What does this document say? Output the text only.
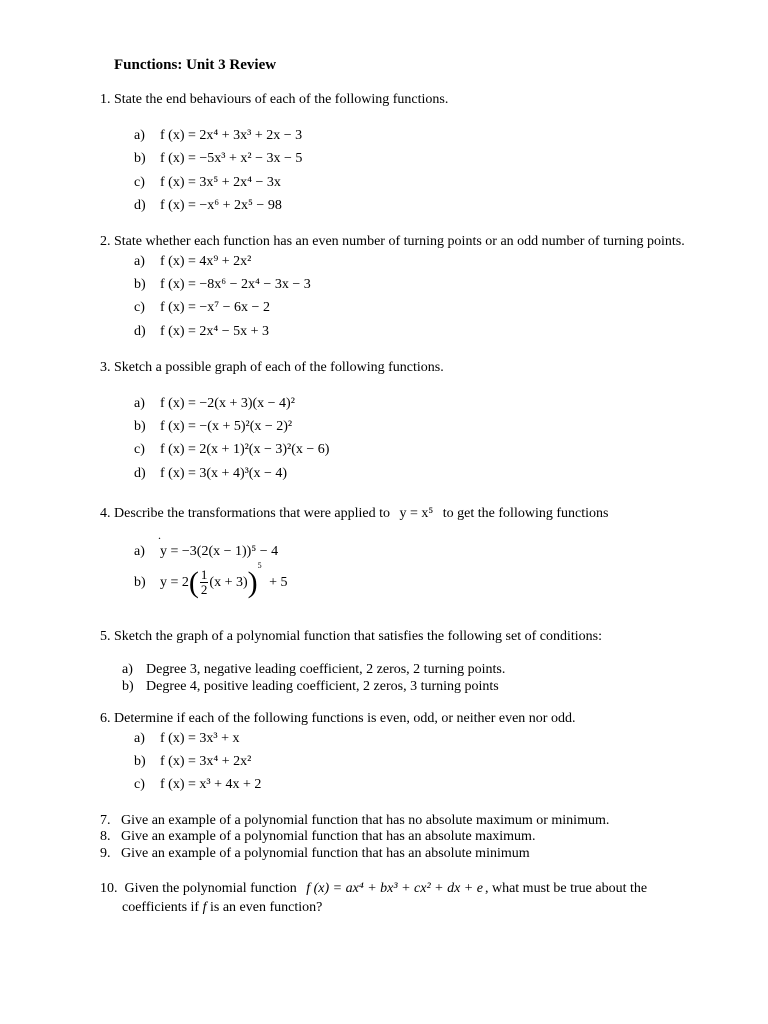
Functions: Unit 3 Review
1. State the end behaviours of each of the following functions.
a) f (x) = 2x⁴ + 3x³ + 2x − 3
b) f (x) = −5x³ + x² − 3x − 5
c) f (x) = 3x⁵ + 2x⁴ − 3x
d) f (x) = −x⁶ + 2x⁵ − 98
2. State whether each function has an even number of turning points or an odd number of turning points.
a) f (x) = 4x⁹ + 2x²
b) f (x) = −8x⁶ − 2x⁴ − 3x − 3
c) f (x) = −x⁷ − 6x − 2
d) f (x) = 2x⁴ − 5x + 3
3. Sketch a possible graph of each of the following functions.
a) f (x) = −2(x + 3)(x − 4)²
b) f (x) = −(x + 5)²(x − 2)²
c) f (x) = 2(x + 1)²(x − 3)²(x − 6)
d) f (x) = 3(x + 4)³(x − 4)
4. Describe the transformations that were applied to y = x⁵ to get the following functions
.
a) y = −3(2(x − 1))⁵ − 4
b) $y = 2( \frac{1}{2} (x + 3))^5 + 5$
5. Sketch the graph of a polynomial function that satisfies the following set of conditions:
a) Degree 3, negative leading coefficient, 2 zeros, 2 turning points.
b) Degree 4, positive leading coefficient, 2 zeros, 3 turning points
6. Determine if each of the following functions is even, odd, or neither even nor odd.
a) f (x) = 3x³ + x
b) f (x) = 3x⁴ + 2x²
c) f (x) = x³ + 4x + 2
7.   Give an example of a polynomial function that has no absolute maximum or minimum.
8.   Give an example of a polynomial function that has an absolute maximum.
9.   Give an example of a polynomial function that has an absolute minimum
10.  Given the polynomial function f (x) = ax⁴ + bx³ + cx² + dx + e , what must be true about the
coefficients if f is an even function?
